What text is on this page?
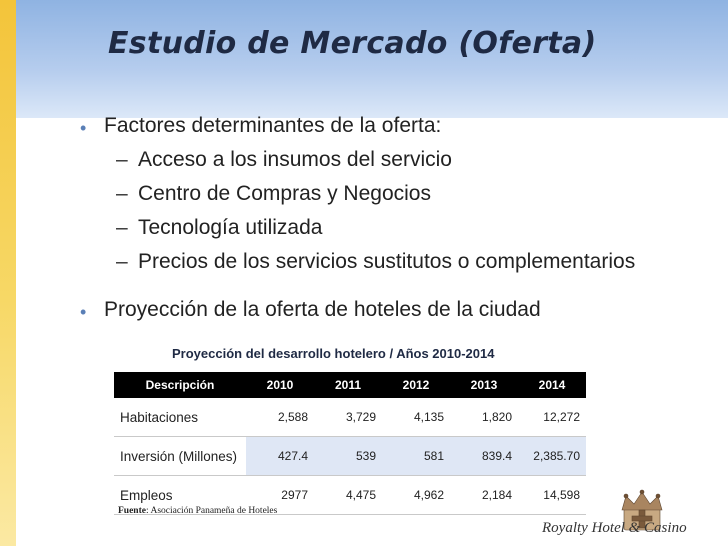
Estudio de Mercado (Oferta)
• Factores determinantes de la oferta:
– Acceso a los insumos del servicio
– Centro de Compras y Negocios
– Tecnología utilizada
– Precios de los servicios sustitutos o complementarios
• Proyección de la oferta de hoteles de la ciudad
Proyección del desarrollo hotelero / Años 2010-2014
Descripción	2010	2011	2012	2013	2014
Habitaciones	2,588	3,729	4,135	1,820	12,272
Inversión (Millones)	427.4	539	581	839.4	2,385.70
Empleos	2977	4,475	4,962	2,184	14,598
Fuente: Asociación Panameña de Hoteles
Royalty Hotel & Casino
